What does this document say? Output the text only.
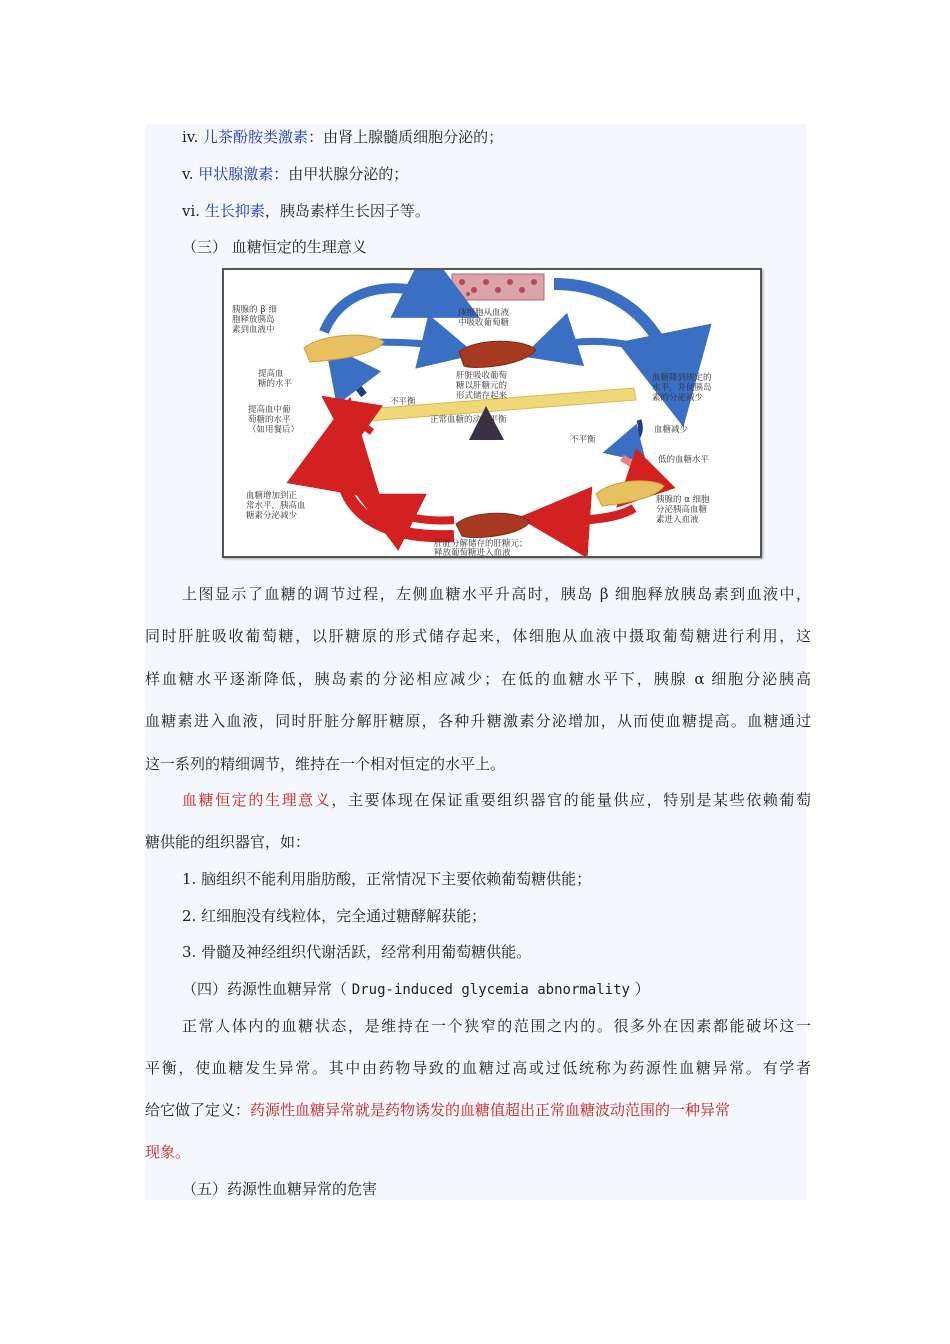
iv. 儿茶酚胺类激素：由肾上腺髓质细胞分泌的；
v. 甲状腺激素：由甲状腺分泌的；
vi. 生长抑素，胰岛素样生长因子等。
（三） 血糖恒定的生理意义
胰腺的 β 细胞释放胰岛素到血液中
体细胞从血液中吸收葡萄糖
提高血糖的水平
肝脏吸收葡萄糖以肝糖元的形式储存起来
血糖降到规定的水平，并使胰岛素的分泌减少
提高血中葡萄糖的水平（如用餐后）
不平衡
正常血糖的动态平衡
不平衡
血糖减少
低的血糖水平
血糖增加到正常水平，胰高血糖素分泌减少
胰腺的 α 细胞分泌胰高血糖素进入血液
肝脏分解储存的肝糖元；释放葡萄糖进入血液
上图显示了血糖的调节过程，左侧血糖水平升高时，胰岛 β 细胞释放胰岛素到血液中，
同时肝脏吸收葡萄糖，以肝糖原的形式储存起来，体细胞从血液中摄取葡萄糖进行利用，这
样血糖水平逐渐降低，胰岛素的分泌相应减少；在低的血糖水平下，胰腺 α 细胞分泌胰高
血糖素进入血液，同时肝脏分解肝糖原，各种升糖激素分泌增加，从而使血糖提高。血糖通过
这一系列的精细调节，维持在一个相对恒定的水平上。
血糖恒定的生理意义，主要体现在保证重要组织器官的能量供应，特别是某些依赖葡萄
糖供能的组织器官，如：
1. 脑组织不能利用脂肪酸，正常情况下主要依赖葡萄糖供能；
2. 红细胞没有线粒体，完全通过糖酵解获能；
3. 骨髓及神经组织代谢活跃，经常利用葡萄糖供能。
（四）药源性血糖异常（ Drug-induced glycemia abnormality ）
正常人体内的血糖状态，是维持在一个狭窄的范围之内的。很多外在因素都能破坏这一
平衡，使血糖发生异常。其中由药物导致的血糖过高或过低统称为药源性血糖异常。有学者
给它做了定义：药源性血糖异常就是药物诱发的血糖值超出正常血糖波动范围的一种异常
现象。
（五）药源性血糖异常的危害
